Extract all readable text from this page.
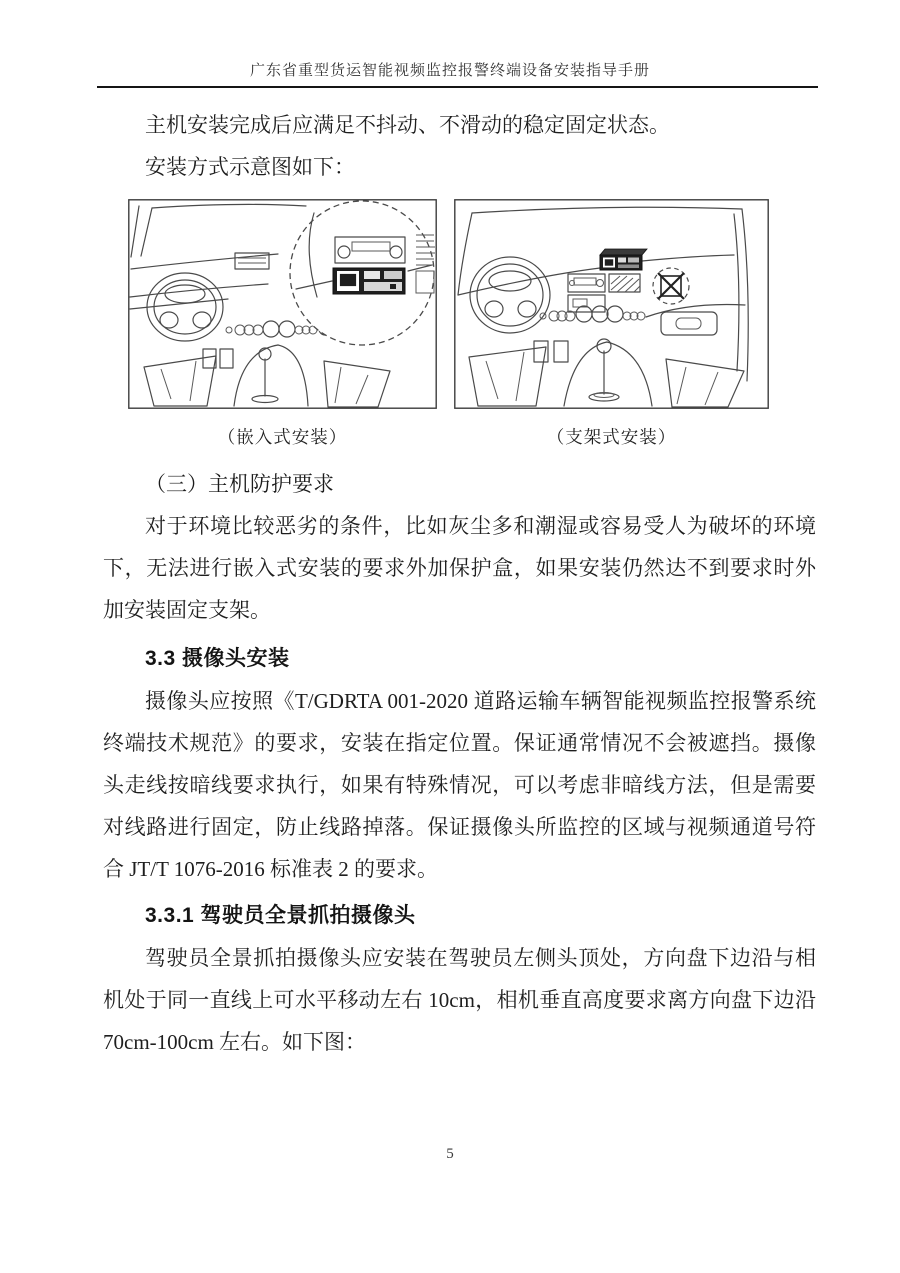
广东省重型货运智能视频监控报警终端设备安装指导手册

主机安装完成后应满足不抖动、不滑动的稳定固定状态。

安装方式示意图如下：

（嵌入式安装）	（支架式安装）

（三）主机防护要求

对于环境比较恶劣的条件，比如灰尘多和潮湿或容易受人为破坏的环境下，无法进行嵌入式安装的要求外加保护盒，如果安装仍然达不到要求时外加安装固定支架。

3.3 摄像头安装

摄像头应按照《T/GDRTA 001-2020 道路运输车辆智能视频监控报警系统终端技术规范》的要求，安装在指定位置。保证通常情况不会被遮挡。摄像头走线按暗线要求执行，如果有特殊情况，可以考虑非暗线方法，但是需要对线路进行固定，防止线路掉落。保证摄像头所监控的区域与视频通道号符合 JT/T 1076-2016 标准表 2 的要求。

3.3.1 驾驶员全景抓拍摄像头

驾驶员全景抓拍摄像头应安装在驾驶员左侧头顶处，方向盘下边沿与相机处于同一直线上可水平移动左右 10cm，相机垂直高度要求离方向盘下边沿 70cm-100cm 左右。如下图：

5
